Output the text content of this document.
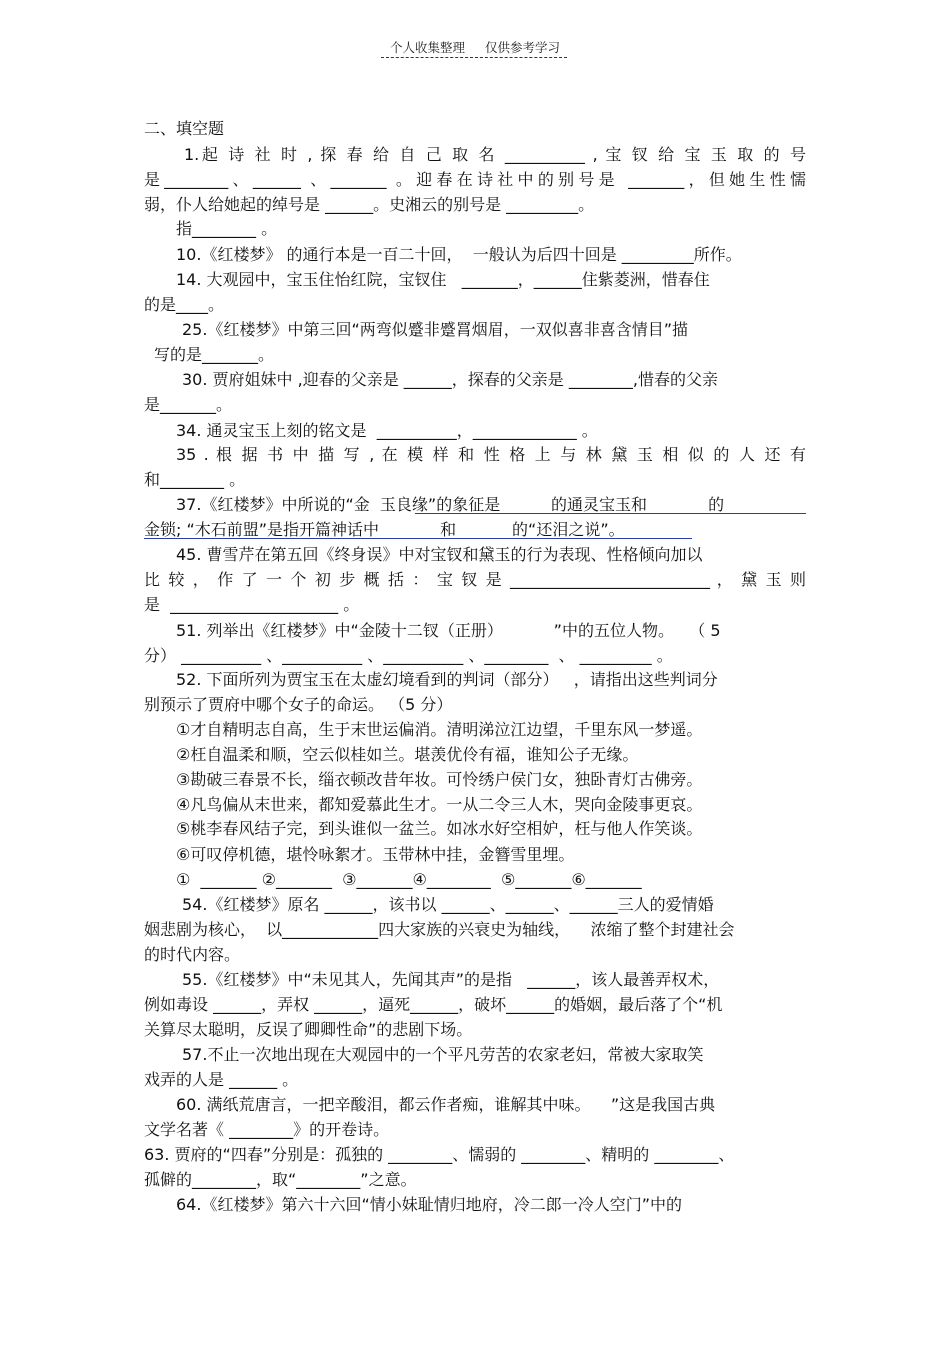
个人收集整理 仅供参考学习
二、填空题
1.起 诗 社 时 , 探 春 给 自 己 取 名 __________ , 宝 钗 给 宝 玉 取 的 号
是________、______ 、_______ 。迎春在诗社中的别号是 _______，但她生性懦
弱，仆人给她起的绰号是 ______。史湘云的别号是 _________。
指________ 。
10.《红楼梦》 的通行本是一百二十回，  一般认为后四十回是 _________所作。
14. 大观园中，宝玉住怡红院，宝钗住   _______，______住紫菱洲，惜春住
的是____。
25.《红楼梦》中第三回“两弯似蹙非蹙罥烟眉，一双似喜非喜含情目”描
写的是_______。
30. 贾府姐妹中 ,迎春的父亲是 ______，探春的父亲是 ________,惜春的父亲
是_______。
34. 通灵宝玉上刻的铭文是  __________，_____________ 。
35 . 根 据 书 中 描 写 , 在 模 样 和 性 格 上 与 林 黛 玉 相 似 的 人 还 有
和________ 。
37.《红楼梦》中所说的“金  玉良缘”的象征是          的通灵宝玉和            的
金锁; “木石前盟”是指开篇神话中            和           的“还泪之说”。
45. 曹雪芹在第五回《终身误》中对宝钗和黛玉的行为表现、性格倾向加以
比 较 ， 作 了 一 个 初 步 概 括 ： 宝 钗 是 _________________________ ， 黛 玉 则
是  _____________________ 。
51. 列举出《红楼梦》中“金陵十二钗（正册）          ”中的五位人物。   （ 5
分） __________ 、__________ 、__________ 、________  、 _________ 。
52. 下面所列为贾宝玉在太虚幻境看到的判词（部分）   ，请指出这些判词分
别预示了贾府中哪个女子的命运。 （5 分）
①才自精明志自高，生于末世运偏消。清明涕泣江边望，千里东风一梦遥。
②枉自温柔和顺，空云似桂如兰。堪羡优伶有福，谁知公子无缘。
③勘破三春景不长，缁衣顿改昔年妆。可怜绣户侯门女，独卧青灯古佛旁。
④凡鸟偏从末世来，都知爱慕此生才。一从二令三人木，哭向金陵事更哀。
⑤桃李春风结子完，到头谁似一盆兰。如冰水好空相妒，枉与他人作笑谈。
⑥可叹停机德，堪怜咏絮才。玉带林中挂，金簪雪里埋。
①  _______ ②_______  ③_______④________  ⑤_______⑥_______
54.《红楼梦》原名 ______，该书以 ______、______、______三人的爱情婚
姻悲剧为核心，  以____________四大家族的兴衰史为轴线，    浓缩了整个封建社会
的时代内容。
55.《红楼梦》中“未见其人，先闻其声”的是指   ______，该人最善弄权术，
例如毒设 ______，弄权 ______，逼死______，破坏______的婚姻，最后落了个“机
关算尽太聪明，反误了卿卿性命”的悲剧下场。
57.不止一次地出现在大观园中的一个平凡劳苦的农家老妇，常被大家取笑
戏弄的人是 ______ 。
60. 满纸荒唐言，一把辛酸泪，都云作者痴，谁解其中味。    ”这是我国古典
文学名著《 ________》的开卷诗。
63. 贾府的“四春”分别是：孤独的 ________、懦弱的 ________、精明的 ________、
孤僻的________，取“________”之意。
64.《红楼梦》第六十六回“情小妹耻情归地府，冷二郎一冷人空门”中的
